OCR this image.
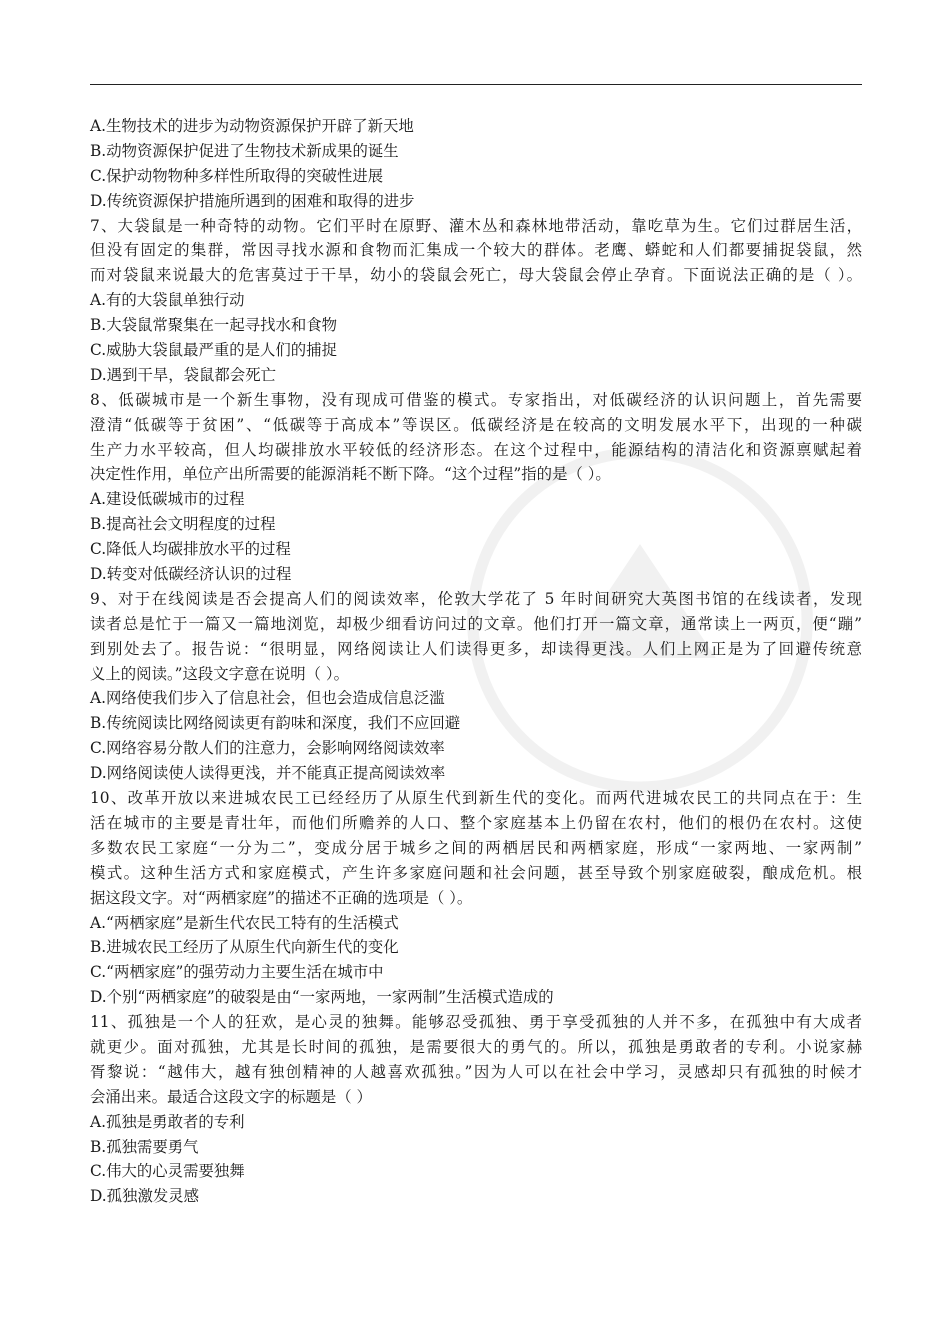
A.生物技术的进步为动物资源保护开辟了新天地
B.动物资源保护促进了生物技术新成果的诞生
C.保护动物物种多样性所取得的突破性进展
D.传统资源保护措施所遇到的困难和取得的进步
7、大袋鼠是一种奇特的动物。它们平时在原野、灌木丛和森林地带活动，靠吃草为生。它们过群居生活，
但没有固定的集群，常因寻找水源和食物而汇集成一个较大的群体。老鹰、蟒蛇和人们都要捕捉袋鼠，然
而对袋鼠来说最大的危害莫过于干旱，幼小的袋鼠会死亡，母大袋鼠会停止孕育。下面说法正确的是（ ）。
A.有的大袋鼠单独行动
B.大袋鼠常聚集在一起寻找水和食物
C.威胁大袋鼠最严重的是人们的捕捉
D.遇到干旱，袋鼠都会死亡
8、低碳城市是一个新生事物，没有现成可借鉴的模式。专家指出，对低碳经济的认识问题上，首先需要
澄清“低碳等于贫困”、“低碳等于高成本”等误区。低碳经济是在较高的文明发展水平下，出现的一种碳
生产力水平较高，但人均碳排放水平较低的经济形态。在这个过程中，能源结构的清洁化和资源禀赋起着
决定性作用，单位产出所需要的能源消耗不断下降。“这个过程”指的是（ ）。
A.建设低碳城市的过程
B.提高社会文明程度的过程
C.降低人均碳排放水平的过程
D.转变对低碳经济认识的过程
9、对于在线阅读是否会提高人们的阅读效率，伦敦大学花了 5 年时间研究大英图书馆的在线读者，发现
读者总是忙于一篇又一篇地浏览，却极少细看访问过的文章。他们打开一篇文章，通常读上一两页，便“蹦”
到别处去了。报告说：“很明显，网络阅读让人们读得更多，却读得更浅。人们上网正是为了回避传统意
义上的阅读。”这段文字意在说明（ ）。
A.网络使我们步入了信息社会，但也会造成信息泛滥
B.传统阅读比网络阅读更有韵味和深度，我们不应回避
C.网络容易分散人们的注意力，会影响网络阅读效率
D.网络阅读使人读得更浅，并不能真正提高阅读效率
10、改革开放以来进城农民工已经经历了从原生代到新生代的变化。而两代进城农民工的共同点在于：生
活在城市的主要是青壮年，而他们所赡养的人口、整个家庭基本上仍留在农村，他们的根仍在农村。这使
多数农民工家庭“一分为二”，变成分居于城乡之间的两栖居民和两栖家庭，形成“一家两地、一家两制”
模式。这种生活方式和家庭模式，产生许多家庭问题和社会问题，甚至导致个别家庭破裂，酿成危机。根
据这段文字。对“两栖家庭”的描述不正确的选项是（ ）。
A.“两栖家庭”是新生代农民工特有的生活模式
B.进城农民工经历了从原生代向新生代的变化
C.“两栖家庭”的强劳动力主要生活在城市中
D.个别“两栖家庭”的破裂是由“一家两地，一家两制”生活模式造成的
11、孤独是一个人的狂欢，是心灵的独舞。能够忍受孤独、勇于享受孤独的人并不多，在孤独中有大成者
就更少。面对孤独，尤其是长时间的孤独，是需要很大的勇气的。所以，孤独是勇敢者的专利。小说家赫
胥黎说：“越伟大，越有独创精神的人越喜欢孤独。”因为人可以在社会中学习，灵感却只有孤独的时候才
会涌出来。最适合这段文字的标题是（ ）
A.孤独是勇敢者的专利
B.孤独需要勇气
C.伟大的心灵需要独舞
D.孤独激发灵感
